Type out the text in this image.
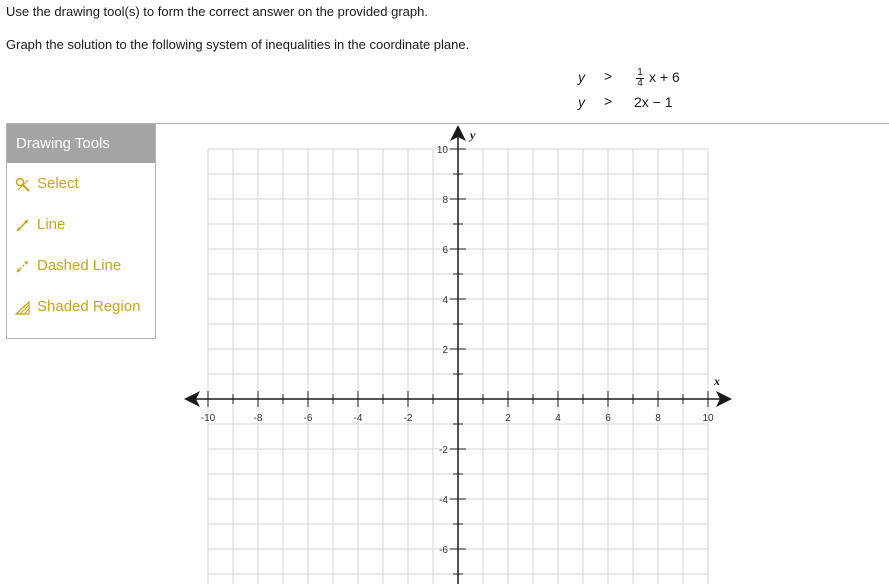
Use the drawing tool(s) to form the correct answer on the provided graph.
Graph the solution to the following system of inequalities in the coordinate plane.
$y > \frac{1}{4}$ x + 6
y > 2x − 1
Drawing Tools
Select
Line
Dashed Line
Shaded Region
x
y
-10	-8	-6	-4	-2	2	4	6	8	10
10
8
6
4
2
-2
-4
-6
